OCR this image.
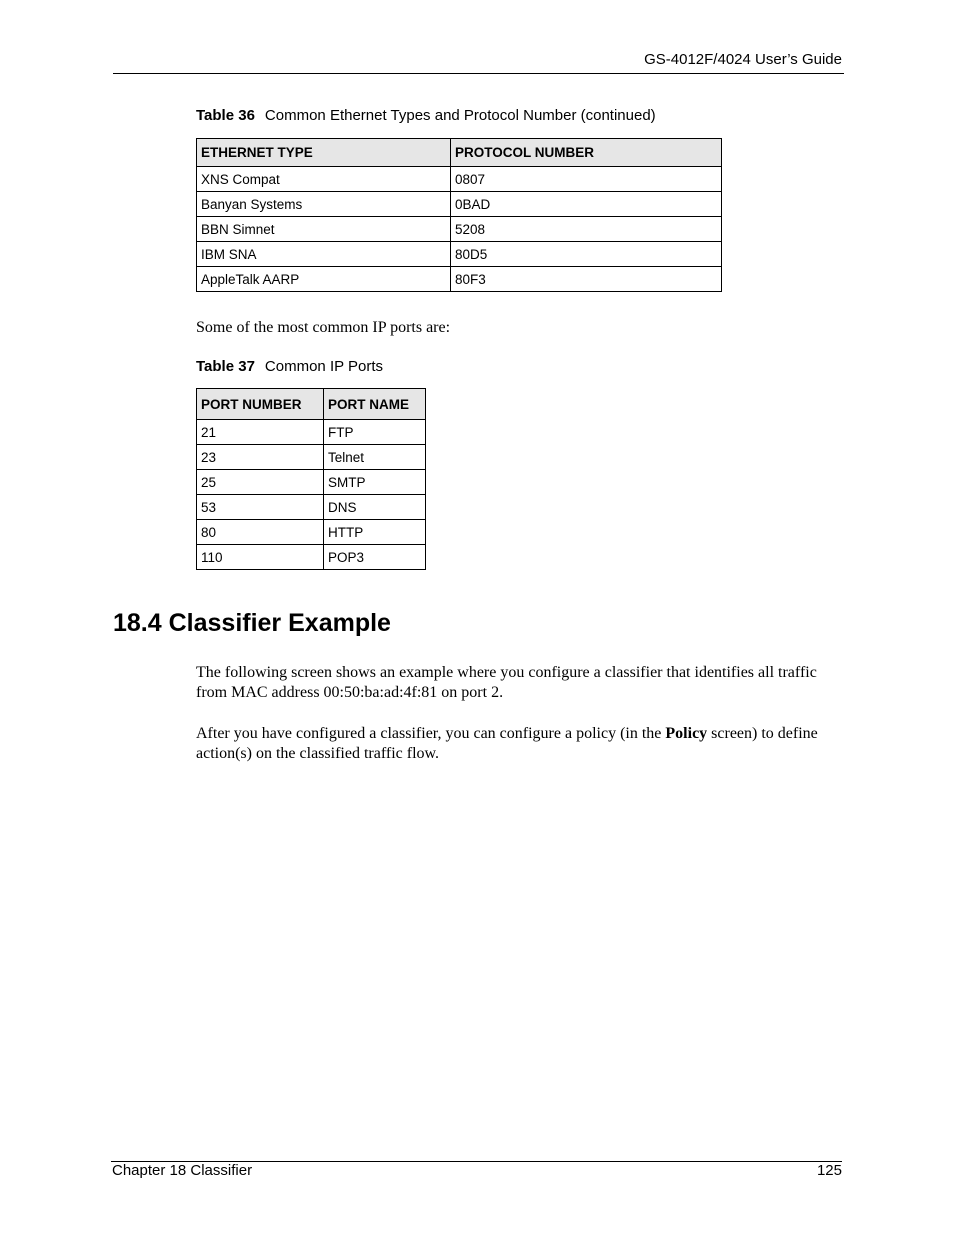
GS-4012F/4024 User’s Guide
Table 36 Common Ethernet Types and Protocol Number (continued)
ETHERNET TYPE	PROTOCOL NUMBER
XNS Compat	0807
Banyan Systems	0BAD
BBN Simnet	5208
IBM SNA	80D5
AppleTalk AARP	80F3
Some of the most common IP ports are:
Table 37 Common IP Ports
PORT NUMBER	PORT NAME
21	FTP
23	Telnet
25	SMTP
53	DNS
80	HTTP
110	POP3
18.4 Classifier Example
The following screen shows an example where you configure a classifier that identifies all traffic from MAC address 00:50:ba:ad:4f:81 on port 2.
After you have configured a classifier, you can configure a policy (in the Policy screen) to define action(s) on the classified traffic flow.
Chapter 18 Classifier	125
